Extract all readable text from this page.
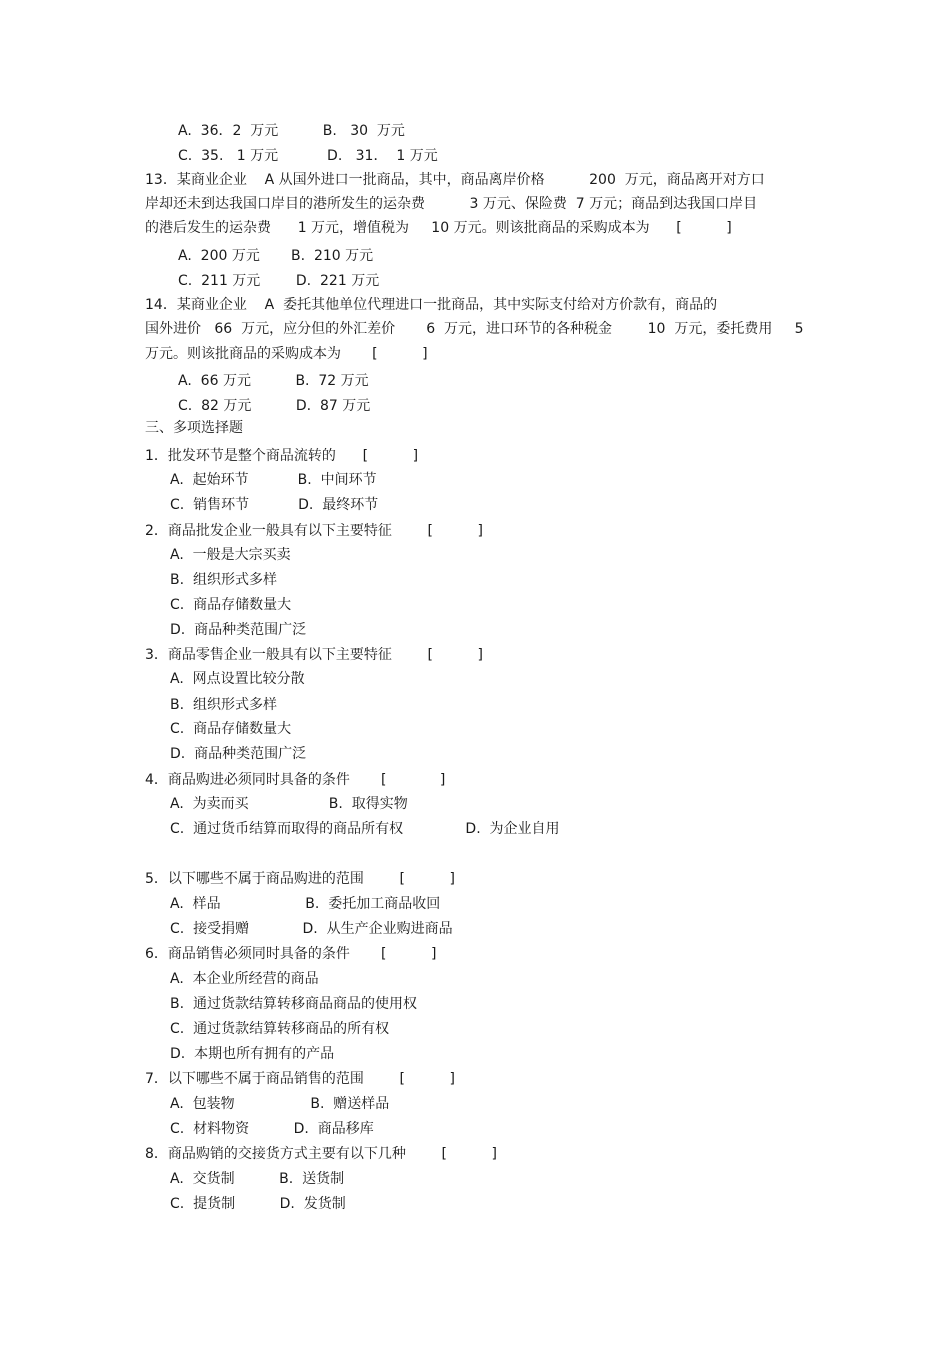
A.  36．2  万元          B.   30  万元
C.  35.   1 万元           D.   31．  1 万元
13．某商业企业    A 从国外进口一批商品，其中，商品离岸价格          200  万元，商品离开对方口
岸却还未到达我国口岸目的港所发生的运杂费          3 万元、保险费  7 万元；商品到达我国口岸目
的港后发生的运杂费      1 万元，增值税为     10 万元。则该批商品的采购成本为      [          ]
A.  200 万元       B.  210 万元
C.  211 万元        D.  221 万元
14．某商业企业    A  委托其他单位代理进口一批商品，其中实际支付给对方价款有，商品的
国外进价   66  万元，应分但的外汇差价       6  万元，进口环节的各种税金        10  万元，委托费用     5
万元。则该批商品的采购成本为       [          ]
A.  66 万元          B.  72 万元
C.  82 万元          D.  87 万元
三、多项选择题
1．批发环节是整个商品流转的      [          ]
A.  起始环节           B.  中间环节
C.  销售环节           D.  最终环节
2．商品批发企业一般具有以下主要特征        [          ]
A.  一般是大宗买卖
B.  组织形式多样
C.  商品存储数量大
D.  商品种类范围广泛
3．商品零售企业一般具有以下主要特征        [          ]
A.  网点设置比较分散
B.  组织形式多样
C.  商品存储数量大
D.  商品种类范围广泛
4．商品购进必须同时具备的条件       [            ]
A.  为卖而买                  B.  取得实物
C.  通过货币结算而取得的商品所有权              D.  为企业自用
5．以下哪些不属于商品购进的范围        [          ]
A.  样品                   B.  委托加工商品收回
C.  接受捐赠            D.  从生产企业购进商品
6．商品销售必须同时具备的条件       [          ]
A.  本企业所经营的商品
B.  通过货款结算转移商品商品的使用权
C.  通过货款结算转移商品的所有权
D.  本期也所有拥有的产品
7．以下哪些不属于商品销售的范围        [          ]
A.  包装物                 B.  赠送样品
C.  材料物资          D.  商品移库
8．商品购销的交接货方式主要有以下几种        [          ]
A.  交货制          B.  送货制
C.  提货制          D.  发货制
